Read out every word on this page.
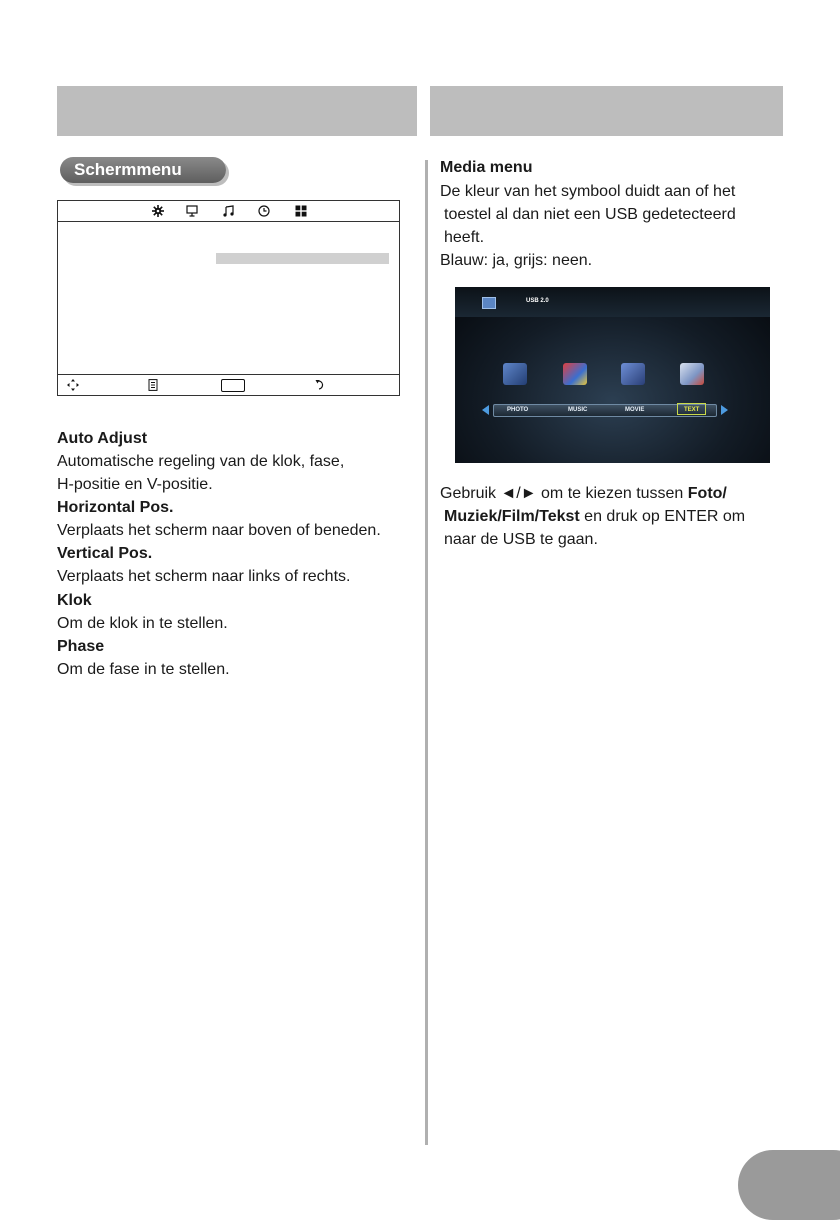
Schermmenu

Auto Adjust

Automatische regeling van de klok, fase,

H-positie en V-positie.

Horizontal Pos.

Verplaats het scherm naar boven of beneden.

Vertical Pos.

Verplaats het scherm naar links of rechts.

Klok

Om de klok in te stellen.

Phase

Om de fase in te stellen.

Media menu

De kleur van het symbool duidt aan of het

toestel al dan niet een USB gedetecteerd

heeft.

Blauw: ja, grijs: neen.

USB 2.0
PHOTO	MUSIC	MOVIE	TEXT

Gebruik ◄/► om te kiezen tussen Foto/

Muziek/Film/Tekst en druk op ENTER om

naar de USB te gaan.
